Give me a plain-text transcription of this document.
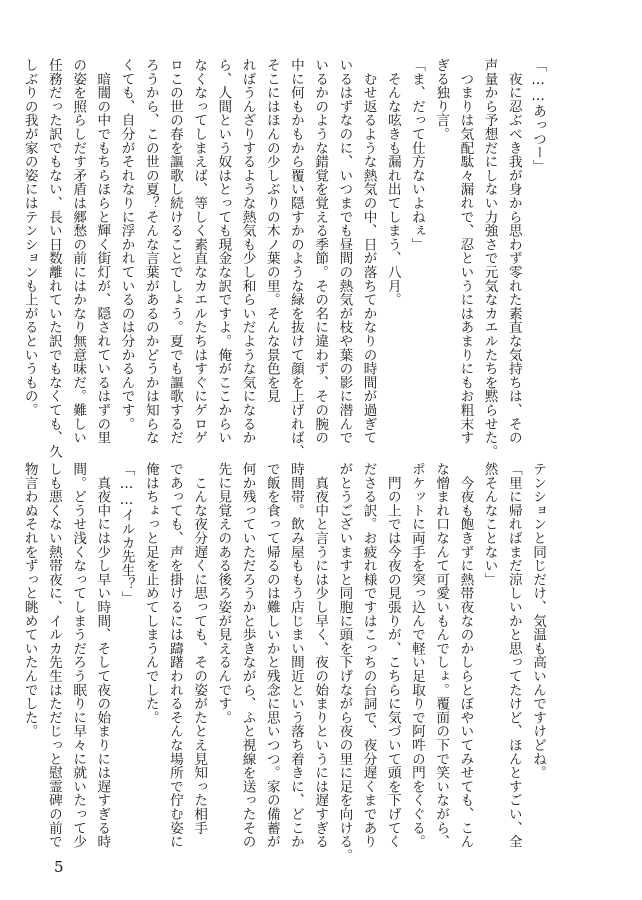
「……あっつー」

　夜に忍ぶべき我が身から思わず零れた素直な気持ちは、その

声量から予想だにしない力強さで元気なカエルたちを黙らせた。

　つまりは気配駄々漏れで、忍というにはあまりにもお粗末す

ぎる独り言。

「ま、だって仕方ないよねぇ」

　そんな呟きも漏れ出てしまう、八月。

　むせ返るような熱気の中、日が落ちてかなりの時間が過ぎて

いるはずなのに、いつまでも昼間の熱気が枝や葉の影に潜んで

いるかのような錯覚を覚える季節。その名に違わず、その腕の

中に何もかもから覆い隠すかのような緑を抜けて顔を上げれば、

そこにはほんの少しぶりの木ノ葉の里。そんな景色を見

ればうんざりするような熱気も少し和らいだような気になるか

ら、人間という奴はとっても現金な訳ですよ。俺がここからい

なくなってしまえば、等しく素直なカエルたちはすぐにゲロゲ

ロこの世の春を謳歌し続けることでしょう。夏でも謳歌するだ

ろうから、この世の夏？そんな言葉があるのかどうかは知らな

くても、自分がそれなりに浮かれているのは分かるんです。

　暗闇の中でもちらほらと輝く街灯が、隠されているはずの里

の姿を照らしだす矛盾は郷愁の前にはかなり無意味だ。難しい

任務だった訳でもない、長い日数離れていた訳でもなくても、久

しぶりの我が家の姿にはテンションも上がるというもの。

テンションと同じだけ、気温も高いんですけどね。

「里に帰ればまだ涼しいかと思ってたけど、ほんとすごい、全

然そんなことない」

　今夜も飽きずに熱帯夜なのかしらとぼやいてみせても、こん

な憎まれ口なんて可愛いもんでしょ。覆面の下で笑いながら、

ポケットに両手を突っ込んで軽い足取りで阿吽の門をくぐる。

　門の上では今夜の見張りが、こちらに気づいて頭を下げてく

ださる訳。お疲れ様ですはこっちの台詞で、夜分遅くまであり

がとうございますと同胞に頭を下げながら夜の里に足を向ける。

　真夜中と言うには少し早く、夜の始まりというには遅すぎる

時間帯。飲み屋ももう店じまい間近という落ち着きに、どこか

で飯を食って帰るのは難しいかと残念に思いつつ。家の備蓄が

何か残っていただろうかと歩きながら、ふと視線を送ったその

先に見覚えのある後ろ姿が見えるんです。

　こんな夜分遅くに思っても、その姿がたとえ見知った相手

であっても、声を掛けるには躊躇われるそんな場所で佇む姿に

俺はちょっと足を止めてしまうんでした。

「……イルカ先生？」

　真夜中には少し早い時間、そして夜の始まりには遅すぎる時

間。どうせ浅くなってしまうだろう眠りに早々に就いたって少

しも悪くない熱帯夜に、イルカ先生はただじっと慰霊碑の前で

物言わぬそれをずっと眺めていたんでした。

5
